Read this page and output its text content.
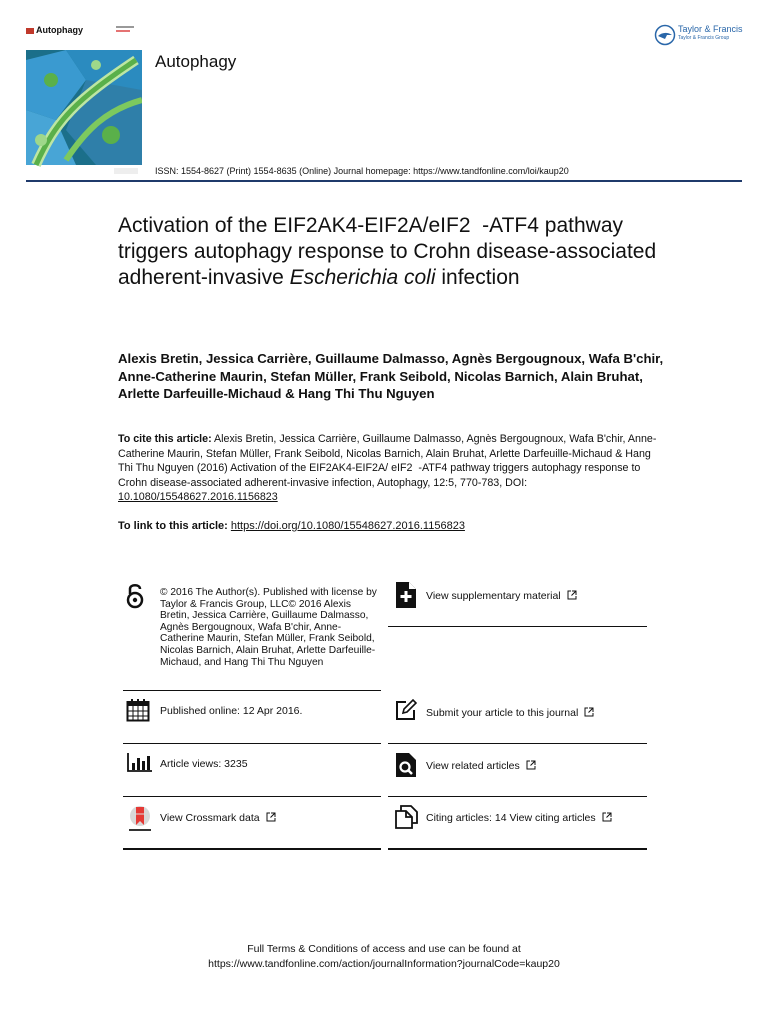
Autophagy
Autophagy
Taylor & Francis
Taylor & Francis Group
ISSN: 1554-8627 (Print) 1554-8635 (Online) Journal homepage: https://www.tandfonline.com/loi/kaup20
Activation of the EIF2AK4-EIF2A/eIF2  -ATF4 pathway triggers autophagy response to Crohn disease-associated adherent-invasive Escherichia coli infection
Alexis Bretin, Jessica Carrière, Guillaume Dalmasso, Agnès Bergougnoux, Wafa B'chir, Anne-Catherine Maurin, Stefan Müller, Frank Seibold, Nicolas Barnich, Alain Bruhat, Arlette Darfeuille-Michaud & Hang Thi Thu Nguyen
To cite this article: Alexis Bretin, Jessica Carrière, Guillaume Dalmasso, Agnès Bergougnoux, Wafa B'chir, Anne-Catherine Maurin, Stefan Müller, Frank Seibold, Nicolas Barnich, Alain Bruhat, Arlette Darfeuille-Michaud & Hang Thi Thu Nguyen (2016) Activation of the EIF2AK4-EIF2A/ eIF2  -ATF4 pathway triggers autophagy response to Crohn disease-associated adherent-invasive infection, Autophagy, 12:5, 770-783, DOI: 10.1080/15548627.2016.1156823
To link to this article: https://doi.org/10.1080/15548627.2016.1156823
© 2016 The Author(s). Published with license by Taylor & Francis Group, LLC© 2016 Alexis Bretin, Jessica Carrière, Guillaume Dalmasso, Agnès Bergougnoux, Wafa B'chir, Anne-Catherine Maurin, Stefan Müller, Frank Seibold, Nicolas Barnich, Alain Bruhat, Arlette Darfeuille-Michaud, and Hang Thi Thu Nguyen
View supplementary material
Published online: 12 Apr 2016.	Submit your article to this journal
Article views: 3235	View related articles
View Crossmark data	Citing articles: 14 View citing articles
Full Terms & Conditions of access and use can be found at
https://www.tandfonline.com/action/journalInformation?journalCode=kaup20
